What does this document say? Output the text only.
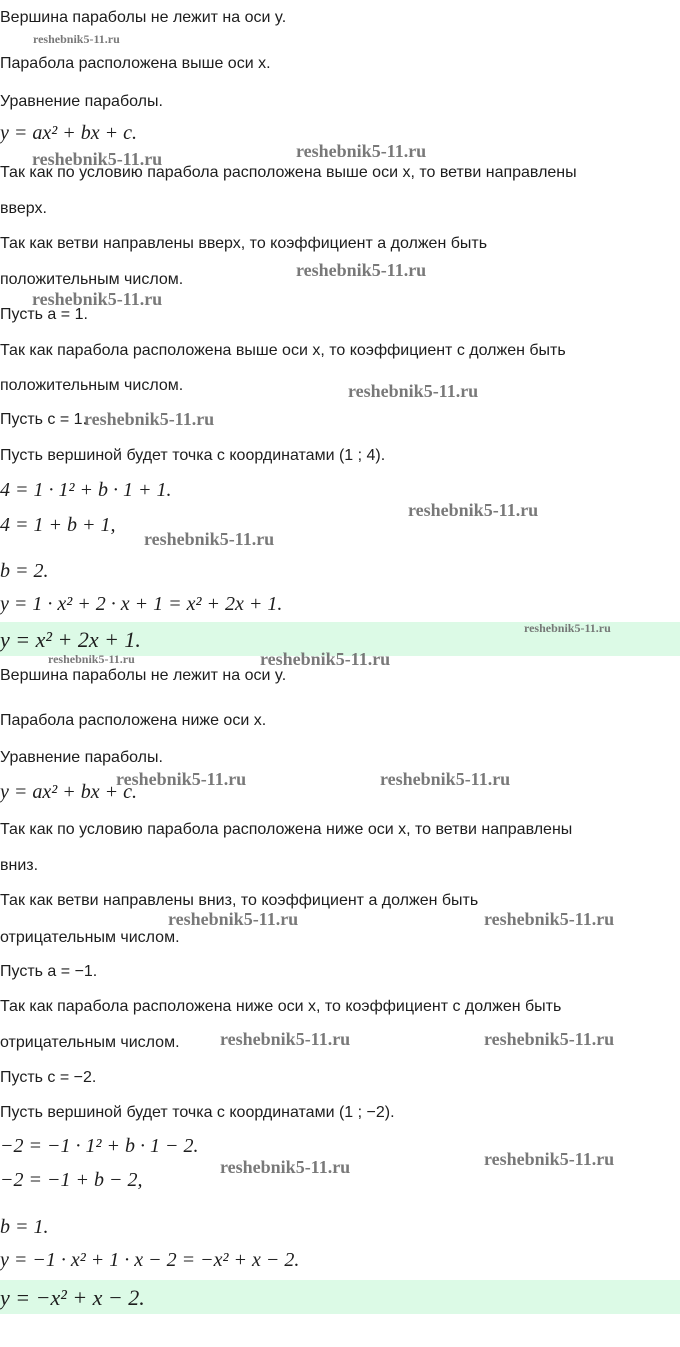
Вершина параболы не лежит на оси y.
Парабола расположена выше оси x.
Уравнение параболы.
y = ax² + bx + c.
Так как по условию парабола расположена выше оси x, то ветви направлены
вверх.
Так как ветви направлены вверх, то коэффициент a должен быть
положительным числом.
Пусть a = 1.
Так как парабола расположена выше оси x, то коэффициент c должен быть
положительным числом.
Пусть c = 1.
Пусть вершиной будет точка с координатами (1 ; 4).
4 = 1 · 1² + b · 1 + 1.
4 = 1 + b + 1,
b = 2.
y = 1 · x² + 2 · x + 1 = x² + 2x + 1.
y = x² + 2x + 1.
Вершина параболы не лежит на оси y.
Парабола расположена ниже оси x.
Уравнение параболы.
y = ax² + bx + c.
Так как по условию парабола расположена ниже оси x, то ветви направлены
вниз.
Так как ветви направлены вниз, то коэффициент a должен быть
отрицательным числом.
Пусть a = −1.
Так как парабола расположена ниже оси x, то коэффициент c должен быть
отрицательным числом.
Пусть c = −2.
Пусть вершиной будет точка с координатами (1 ; −2).
−2 = −1 · 1² + b · 1 − 2.
−2 = −1 + b − 2,
b = 1.
y = −1 · x² + 1 · x − 2 = −x² + x − 2.
y = −x² + x − 2.
reshebnik5-11.ru
reshebnik5-11.ru	reshebnik5-11.ru
reshebnik5-11.ru
reshebnik5-11.ru
reshebnik5-11.ru
reshebnik5-11.ru
reshebnik5-11.ru
reshebnik5-11.ru
reshebnik5-11.ru
reshebnik5-11.ru	reshebnik5-11.ru
reshebnik5-11.ru	reshebnik5-11.ru
reshebnik5-11.ru	reshebnik5-11.ru
reshebnik5-11.ru	reshebnik5-11.ru
reshebnik5-11.ru	reshebnik5-11.ru
